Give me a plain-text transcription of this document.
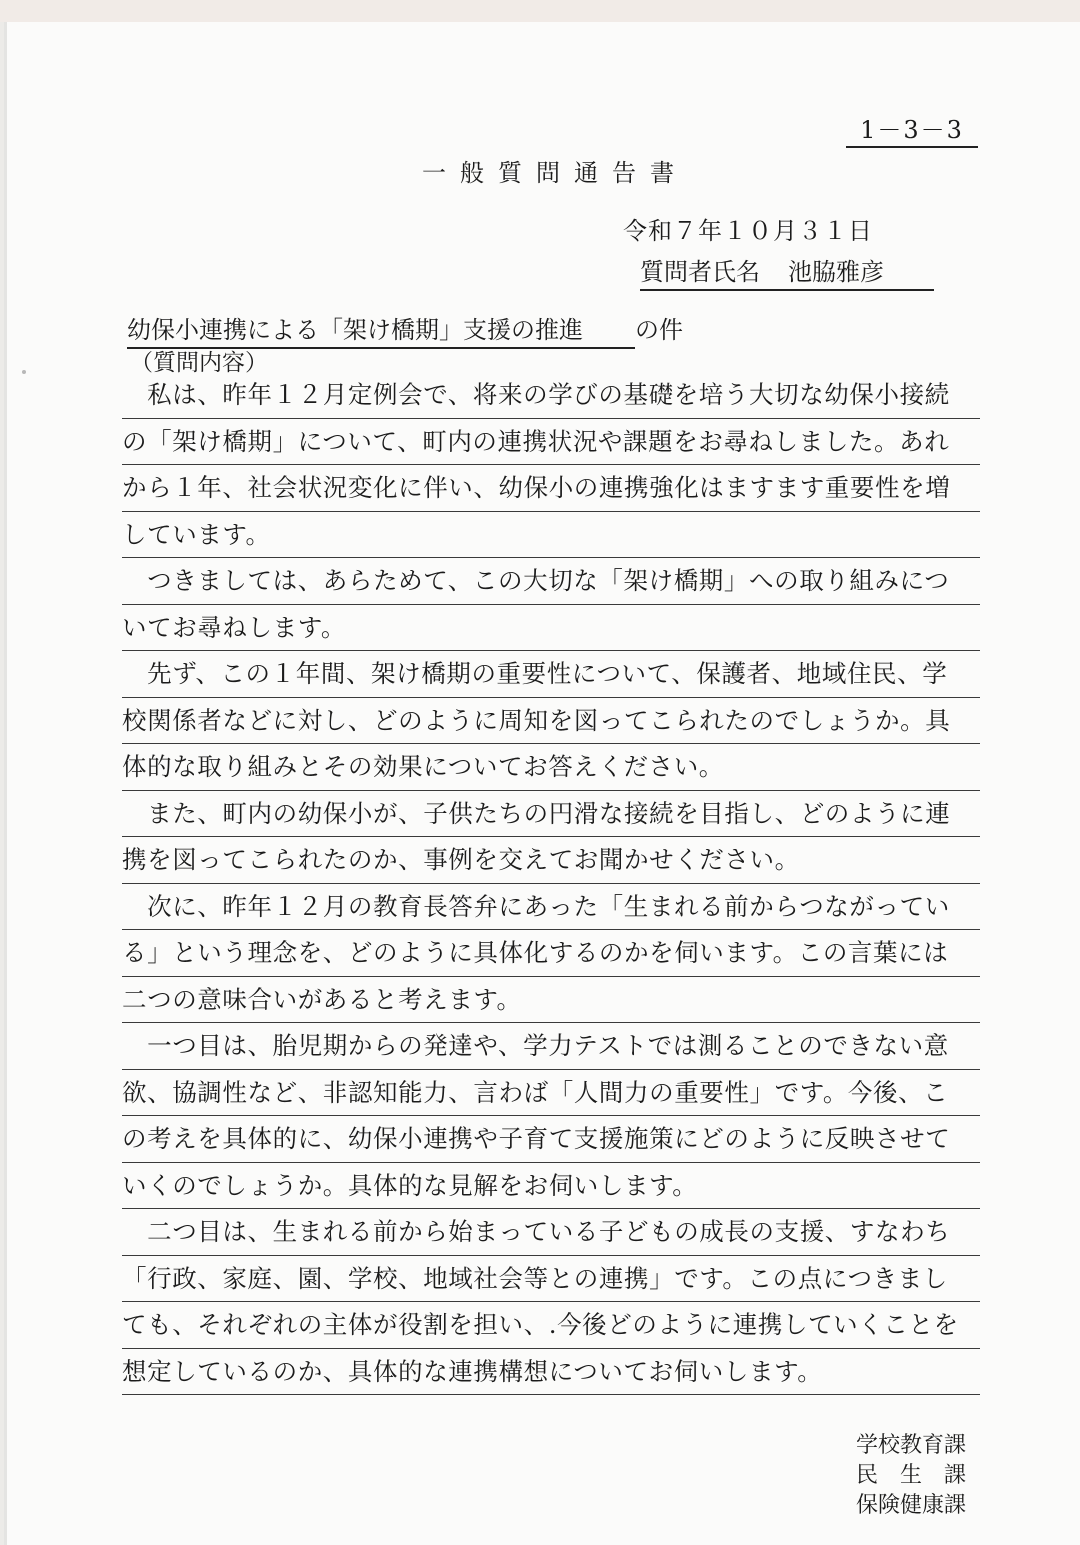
1－3－3
一般質問通告書
令和７年１０月３１日
質問者氏名 池脇雅彦
幼保小連携による「架け橋期」支援の推進 の件
（質問内容）
　私は、昨年１２月定例会で、将来の学びの基礎を培う大切な幼保小接続
の「架け橋期」について、町内の連携状況や課題をお尋ねしました。あれ
から１年、社会状況変化に伴い、幼保小の連携強化はますます重要性を増
しています。
　つきましては、あらためて、この大切な「架け橋期」への取り組みにつ
いてお尋ねします。
　先ず、この１年間、架け橋期の重要性について、保護者、地域住民、学
校関係者などに対し、どのように周知を図ってこられたのでしょうか。具
体的な取り組みとその効果についてお答えください。
　また、町内の幼保小が、子供たちの円滑な接続を目指し、どのように連
携を図ってこられたのか、事例を交えてお聞かせください。
　次に、昨年１２月の教育長答弁にあった「生まれる前からつながってい
る」という理念を、どのように具体化するのかを伺います。この言葉には
二つの意味合いがあると考えます。
　一つ目は、胎児期からの発達や、学力テストでは測ることのできない意
欲、協調性など、非認知能力、言わば「人間力の重要性」です。今後、こ
の考えを具体的に、幼保小連携や子育て支援施策にどのように反映させて
いくのでしょうか。具体的な見解をお伺いします。
　二つ目は、生まれる前から始まっている子どもの成長の支援、すなわち
「行政、家庭、園、学校、地域社会等との連携」です。この点につきまし
ても、それぞれの主体が役割を担い、.今後どのように連携していくことを
想定しているのか、具体的な連携構想についてお伺いします。
学校教育課
民　生　課
保険健康課
